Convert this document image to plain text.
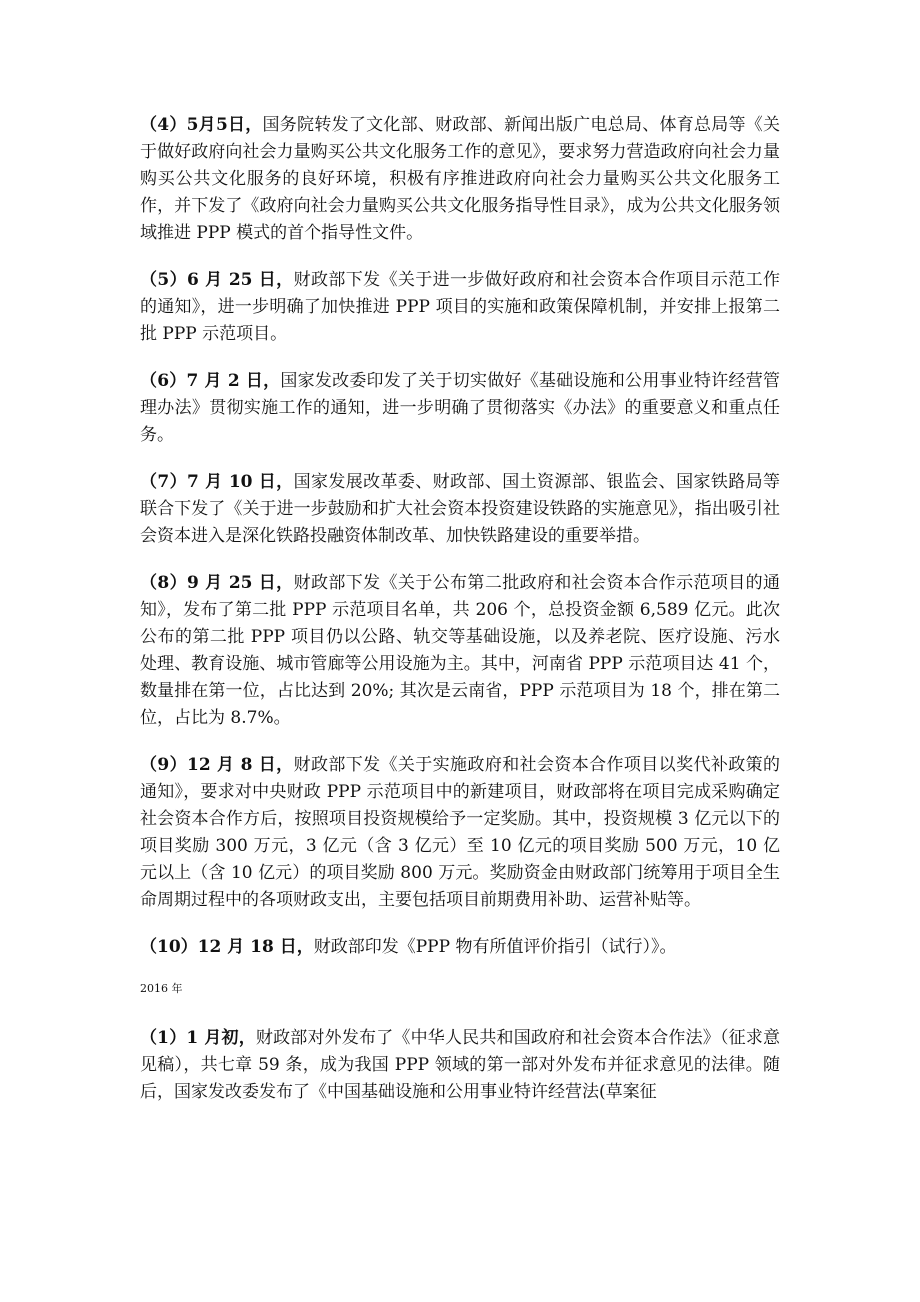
（4）5月5日，国务院转发了文化部、财政部、新闻出版广电总局、体育总局等《关于做好政府向社会力量购买公共文化服务工作的意见》，要求努力营造政府向社会力量购买公共文化服务的良好环境，积极有序推进政府向社会力量购买公共文化服务工作，并下发了《政府向社会力量购买公共文化服务指导性目录》，成为公共文化服务领域推进 PPP 模式的首个指导性文件。

（5）6 月 25 日，财政部下发《关于进一步做好政府和社会资本合作项目示范工作的通知》，进一步明确了加快推进 PPP 项目的实施和政策保障机制，并安排上报第二批 PPP 示范项目。

（6）7 月 2 日，国家发改委印发了关于切实做好《基础设施和公用事业特许经营管理办法》贯彻实施工作的通知，进一步明确了贯彻落实《办法》的重要意义和重点任务。

（7）7 月 10 日，国家发展改革委、财政部、国土资源部、银监会、国家铁路局等联合下发了《关于进一步鼓励和扩大社会资本投资建设铁路的实施意见》，指出吸引社会资本进入是深化铁路投融资体制改革、加快铁路建设的重要举措。

（8）9 月 25 日，财政部下发《关于公布第二批政府和社会资本合作示范项目的通知》，发布了第二批 PPP 示范项目名单，共 206 个，总投资金额 6,589 亿元。此次公布的第二批 PPP 项目仍以公路、轨交等基础设施，以及养老院、医疗设施、污水处理、教育设施、城市管廊等公用设施为主。其中，河南省 PPP 示范项目达 41 个，数量排在第一位，占比达到 20%; 其次是云南省，PPP 示范项目为 18 个，排在第二位，占比为 8.7%。

（9）12 月 8 日，财政部下发《关于实施政府和社会资本合作项目以奖代补政策的通知》，要求对中央财政 PPP 示范项目中的新建项目，财政部将在项目完成采购确定社会资本合作方后，按照项目投资规模给予一定奖励。其中，投资规模 3 亿元以下的项目奖励 300 万元，3 亿元（含 3 亿元）至 10 亿元的项目奖励 500 万元，10 亿元以上（含 10 亿元）的项目奖励 800 万元。奖励资金由财政部门统筹用于项目全生命周期过程中的各项财政支出，主要包括项目前期费用补助、运营补贴等。

（10）12 月 18 日，财政部印发《PPP 物有所值评价指引（试行）》。

2016 年

（1）1 月初，财政部对外发布了《中华人民共和国政府和社会资本合作法》（征求意见稿），共七章 59 条，成为我国 PPP 领域的第一部对外发布并征求意见的法律。随后，国家发改委发布了《中国基础设施和公用事业特许经营法(草案征
